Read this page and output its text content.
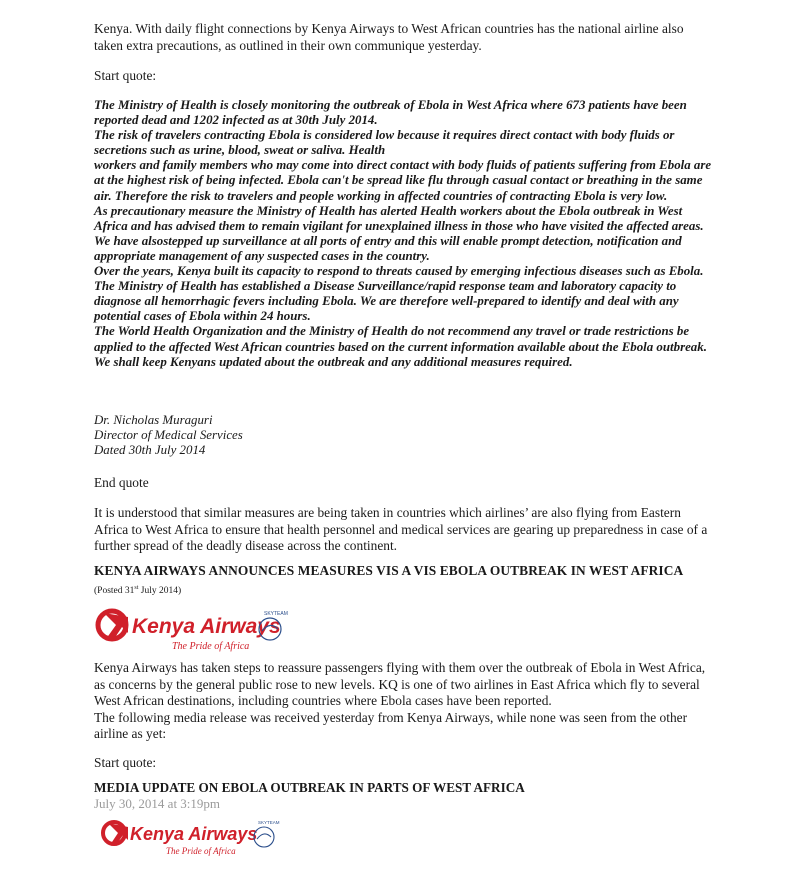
Kenya. With daily flight connections by Kenya Airways to West African countries has the national airline also taken extra precautions, as outlined in their own communique yesterday.

Start quote:

The Ministry of Health is closely monitoring the outbreak of Ebola in West Africa where 673 patients have been reported dead and 1202 infected as at 30th July 2014.

The risk of travelers contracting Ebola is considered low because it requires direct contact with body fluids or secretions such as urine, blood, sweat or saliva. Health

workers and family members who may come into direct contact with body fluids of patients suffering from Ebola are at the highest risk of being infected. Ebola can't be spread like flu through casual contact or breathing in the same air. Therefore the risk to travelers and people working in affected countries of contracting Ebola is very low.

As precautionary measure the Ministry of Health has alerted Health workers about the Ebola outbreak in West Africa and has advised them to remain vigilant for unexplained illness in those who have visited the affected areas. We have alsostepped up surveillance at all ports of entry and this will enable prompt detection, notification and appropriate management of any suspected cases in the country.

Over the years, Kenya built its capacity to respond to threats caused by emerging infectious diseases such as Ebola. The Ministry of Health has established a Disease Surveillance/rapid response team and laboratory capacity to diagnose all hemorrhagic fevers including Ebola. We are therefore well-prepared to identify and deal with any potential cases of Ebola within 24 hours.

The World Health Organization and the Ministry of Health do not recommend any travel or trade restrictions be applied to the affected West African countries based on the current information available about the Ebola outbreak.

We shall keep Kenyans updated about the outbreak and any additional measures required.

Dr. Nicholas Muraguri

Director of Medical Services

Dated 30th July 2014

End quote

It is understood that similar measures are being taken in countries which airlines’ are also flying from Eastern Africa to West Africa to ensure that health personnel and medical services are gearing up preparedness in case of a further spread of the deadly disease across the continent.

KENYA AIRWAYS ANNOUNCES MEASURES VIS A VIS EBOLA OUTBREAK IN WEST AFRICA

(Posted 31st July 2014)

Kenya Airways
The Pride of Africa
SKYTEAM

Kenya Airways has taken steps to reassure passengers flying with them over the outbreak of Ebola in West Africa, as concerns by the general public rose to new levels. KQ is one of two airlines in East Africa which fly to several West African destinations, including countries where Ebola cases have been reported.

The following media release was received yesterday from Kenya Airways, while none was seen from the other airline as yet:

Start quote:

MEDIA UPDATE ON EBOLA OUTBREAK IN PARTS OF WEST AFRICA

July 30, 2014 at 3:19pm

Kenya Airways
The Pride of Africa
SKYTEAM
